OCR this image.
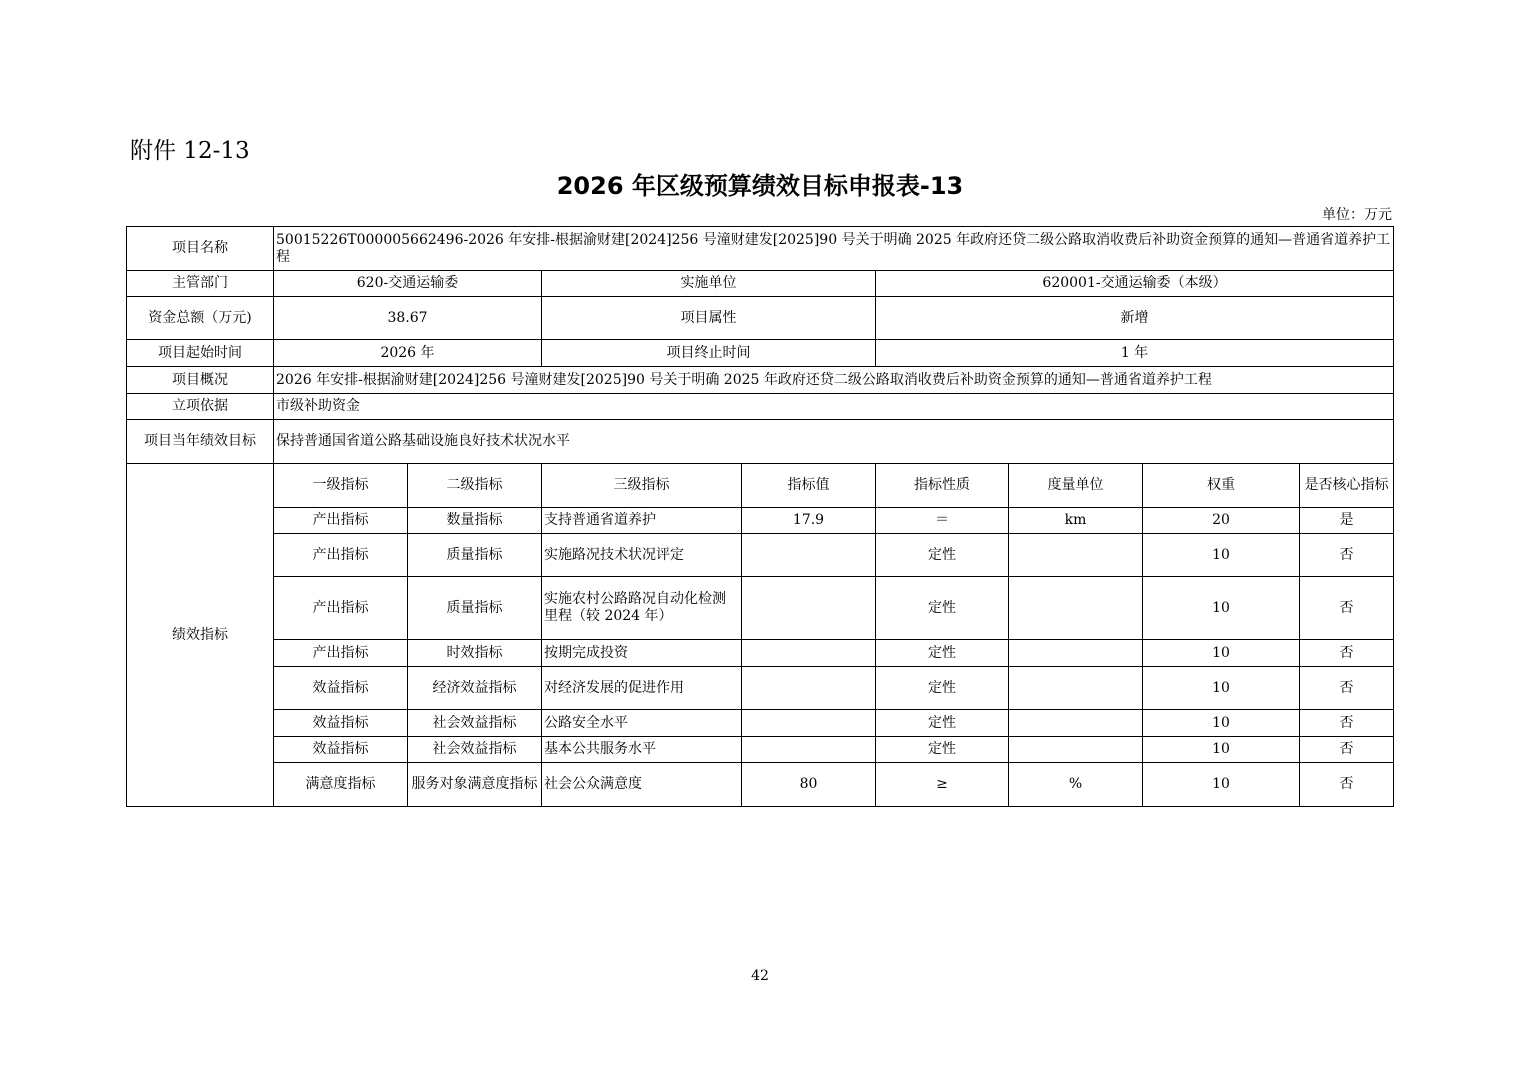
附件 12-13
2026 年区级预算绩效目标申报表-13
单位：万元
项目名称	50015226T000005662496-2026 年安排-根据渝财建[2024]256 号潼财建发[2025]90 号关于明确 2025 年政府还贷二级公路取消收费后补助资金预算的通知—普通省道养护工程							
主管部门	620-交通运输委		实施单位		620001-交通运输委（本级）			
资金总额（万元)	38.67		项目属性		新增			
项目起始时间	2026 年		项目终止时间		1 年			
项目概况	2026 年安排-根据渝财建[2024]256 号潼财建发[2025]90 号关于明确 2025 年政府还贷二级公路取消收费后补助资金预算的通知—普通省道养护工程							
立项依据	市级补助资金							
项目当年绩效目标	保持普通国省道公路基础设施良好技术状况水平							
绩效指标	一级指标	二级指标	三级指标	指标值	指标性质	度量单位	权重	是否核心指标
	产出指标	数量指标	支持普通省道养护	17.9	＝	km	20	是
	产出指标	质量指标	实施路况技术状况评定		定性		10	否
	产出指标	质量指标	实施农村公路路况自动化检测里程（较 2024 年）		定性		10	否
	产出指标	时效指标	按期完成投资		定性		10	否
	效益指标	经济效益指标	对经济发展的促进作用		定性		10	否
	效益指标	社会效益指标	公路安全水平		定性		10	否
	效益指标	社会效益指标	基本公共服务水平		定性		10	否
	满意度指标	服务对象满意度指标	社会公众满意度	80	≥	%	10	否
42
